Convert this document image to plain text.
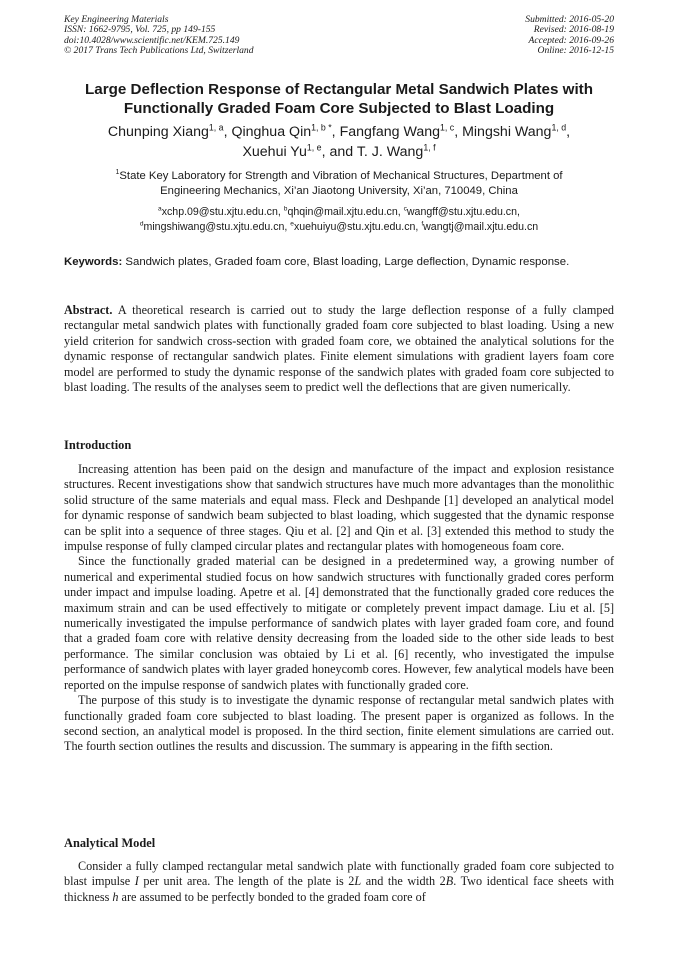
Key Engineering Materials
ISSN: 1662-9795, Vol. 725, pp 149-155
doi:10.4028/www.scientific.net/KEM.725.149
© 2017 Trans Tech Publications Ltd, Switzerland
Submitted: 2016-05-20
Revised: 2016-08-19
Accepted: 2016-09-26
Online: 2016-12-15
Large Deflection Response of Rectangular Metal Sandwich Plates with Functionally Graded Foam Core Subjected to Blast Loading
Chunping Xiang$^{1, a}$, Qinghua Qin$^{1, b *}$, Fangfang Wang$^{1, c}$, Mingshi Wang$^{1, d}$,
Xuehui Yu$^{1, e}$, and T. J. Wang$^{1, f}$
$^1$State Key Laboratory for Strength and Vibration of Mechanical Structures, Department of
Engineering Mechanics, Xi’an Jiaotong University, Xi’an, 710049, China
$^a$xchp.09@stu.xjtu.edu.cn, $^b$qhqin@mail.xjtu.edu.cn, $^c$wangff@stu.xjtu.edu.cn,
$^d$mingshiwang@stu.xjtu.edu.cn, $^e$xuehuiyu@stu.xjtu.edu.cn, $^f$wangtj@mail.xjtu.edu.cn
Keywords: Sandwich plates, Graded foam core, Blast loading, Large deflection, Dynamic response.

Abstract. A theoretical research is carried out to study the large deflection response of a fully clamped rectangular metal sandwich plates with functionally graded foam core subjected to blast loading. Using a new yield criterion for sandwich cross-section with graded foam core, we obtained the analytical solutions for the dynamic response of rectangular sandwich plates. Finite element simulations with gradient layers foam core model are performed to study the dynamic response of the sandwich plates with graded foam core subjected to blast loading. The results of the analyses seem to predict well the deflections that are given numerically.

Introduction

Increasing attention has been paid on the design and manufacture of the impact and explosion resistance structures. Recent investigations show that sandwich structures have much more advantages than the monolithic solid structure of the same materials and equal mass. Fleck and Deshpande [1] developed an analytical model for dynamic response of sandwich beam subjected to blast loading, which suggested that the dynamic response can be split into a sequence of three stages. Qiu et al. [2] and Qin et al. [3] extended this method to study the impulse response of fully clamped circular plates and rectangular plates with homogeneous foam core.

Since the functionally graded material can be designed in a predetermined way, a growing number of numerical and experimental studied focus on how sandwich structures with functionally graded cores perform under impact and impulse loading. Apetre et al. [4] demonstrated that the functionally graded core reduces the maximum strain and can be used effectively to mitigate or completely prevent impact damage. Liu et al. [5] numerically investigated the impulse performance of sandwich plates with layer graded foam core, and found that a graded foam core with relative density decreasing from the loaded side to the other side leads to best performance. The similar conclusion was obtaied by Li et al. [6] recently, who investigated the impulse performance of sandwich plates with layer graded honeycomb cores. However, few analytical models have been reported on the impulse response of sandwich plates with functionally graded core.

The purpose of this study is to investigate the dynamic response of rectangular metal sandwich plates with functionally graded foam core subjected to blast loading. The present paper is organized as follows. In the second section, an analytical model is proposed. In the third section, finite element simulations are carried out. The fourth section outlines the results and discussion. The summary is appearing in the fifth section.

Analytical Model

Consider a fully clamped rectangular metal sandwich plate with functionally graded foam core subjected to blast impulse I per unit area. The length of the plate is 2L and the width 2B. Two identical face sheets with thickness h are assumed to be perfectly bonded to the graded foam core of
